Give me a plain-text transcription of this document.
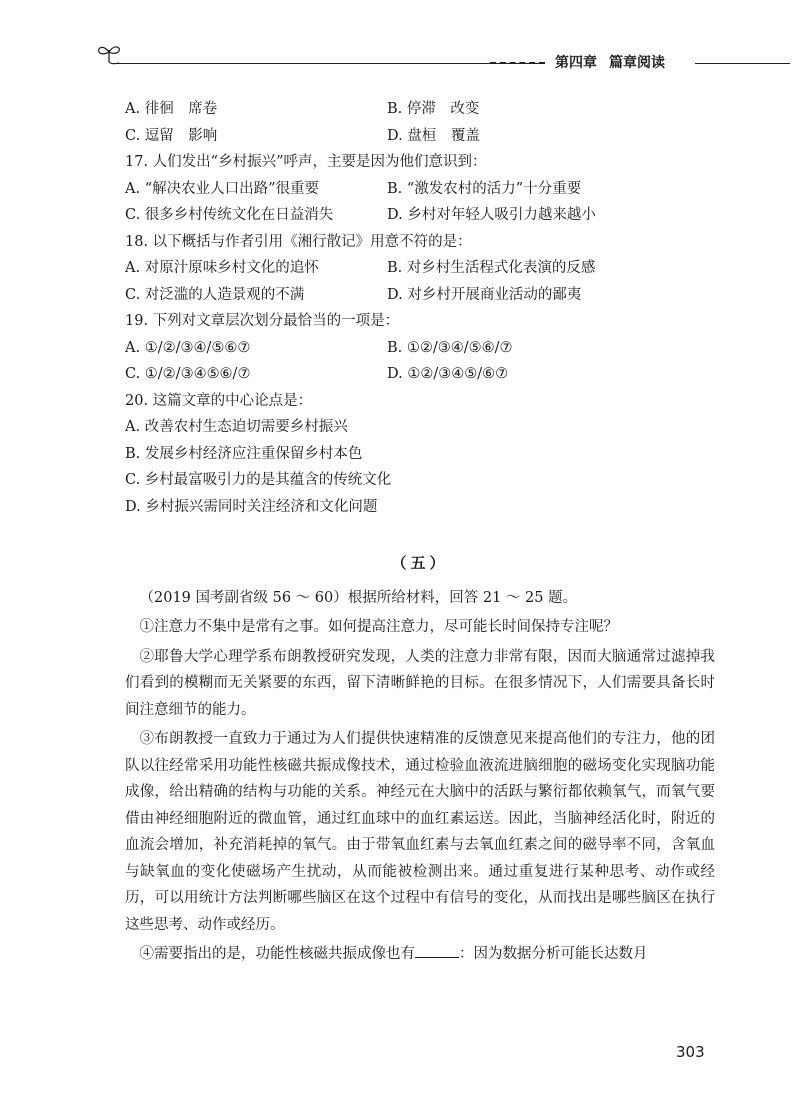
第四章 篇章阅读
A. 徘徊　席卷	B. 停滞　改变
C. 逗留　影响	D. 盘桓　覆盖
17. 人们发出“乡村振兴”呼声，主要是因为他们意识到：
A. “解决农业人口出路”很重要	B. “激发农村的活力”十分重要
C. 很多乡村传统文化在日益消失	D. 乡村对年轻人吸引力越来越小
18. 以下概括与作者引用《湘行散记》用意不符的是：
A. 对原汁原味乡村文化的追怀	B. 对乡村生活程式化表演的反感
C. 对泛滥的人造景观的不满	D. 对乡村开展商业活动的鄙夷
19. 下列对文章层次划分最恰当的一项是：
A. ①/②/③④/⑤⑥⑦	B. ①②/③④/⑤⑥/⑦
C. ①/②/③④⑤⑥/⑦	D. ①②/③④⑤/⑥⑦
20. 这篇文章的中心论点是：
A. 改善农村生态迫切需要乡村振兴
B. 发展乡村经济应注重保留乡村本色
C. 乡村最富吸引力的是其蕴含的传统文化
D. 乡村振兴需同时关注经济和文化问题
（五）
（2019 国考副省级 56 ～ 60）根据所给材料，回答 21 ～ 25 题。
①注意力不集中是常有之事。如何提高注意力，尽可能长时间保持专注呢？
②耶鲁大学心理学系布朗教授研究发现，人类的注意力非常有限，因而大脑通常过滤掉我们看到的模糊而无关紧要的东西，留下清晰鲜艳的目标。在很多情况下，人们需要具备长时间注意细节的能力。
③布朗教授一直致力于通过为人们提供快速精准的反馈意见来提高他们的专注力，他的团队以往经常采用功能性核磁共振成像技术，通过检验血液流进脑细胞的磁场变化实现脑功能成像，给出精确的结构与功能的关系。神经元在大脑中的活跃与繁衍都依赖氧气，而氧气要借由神经细胞附近的微血管，通过红血球中的血红素运送。因此，当脑神经活化时，附近的血流会增加，补充消耗掉的氧气。由于带氧血红素与去氧血红素之间的磁导率不同，含氧血与缺氧血的变化使磁场产生扰动，从而能被检测出来。通过重复进行某种思考、动作或经历，可以用统计方法判断哪些脑区在这个过程中有信号的变化，从而找出是哪些脑区在执行这些思考、动作或经历。
④需要指出的是，功能性核磁共振成像也有	：因为数据分析可能长达数月
303
